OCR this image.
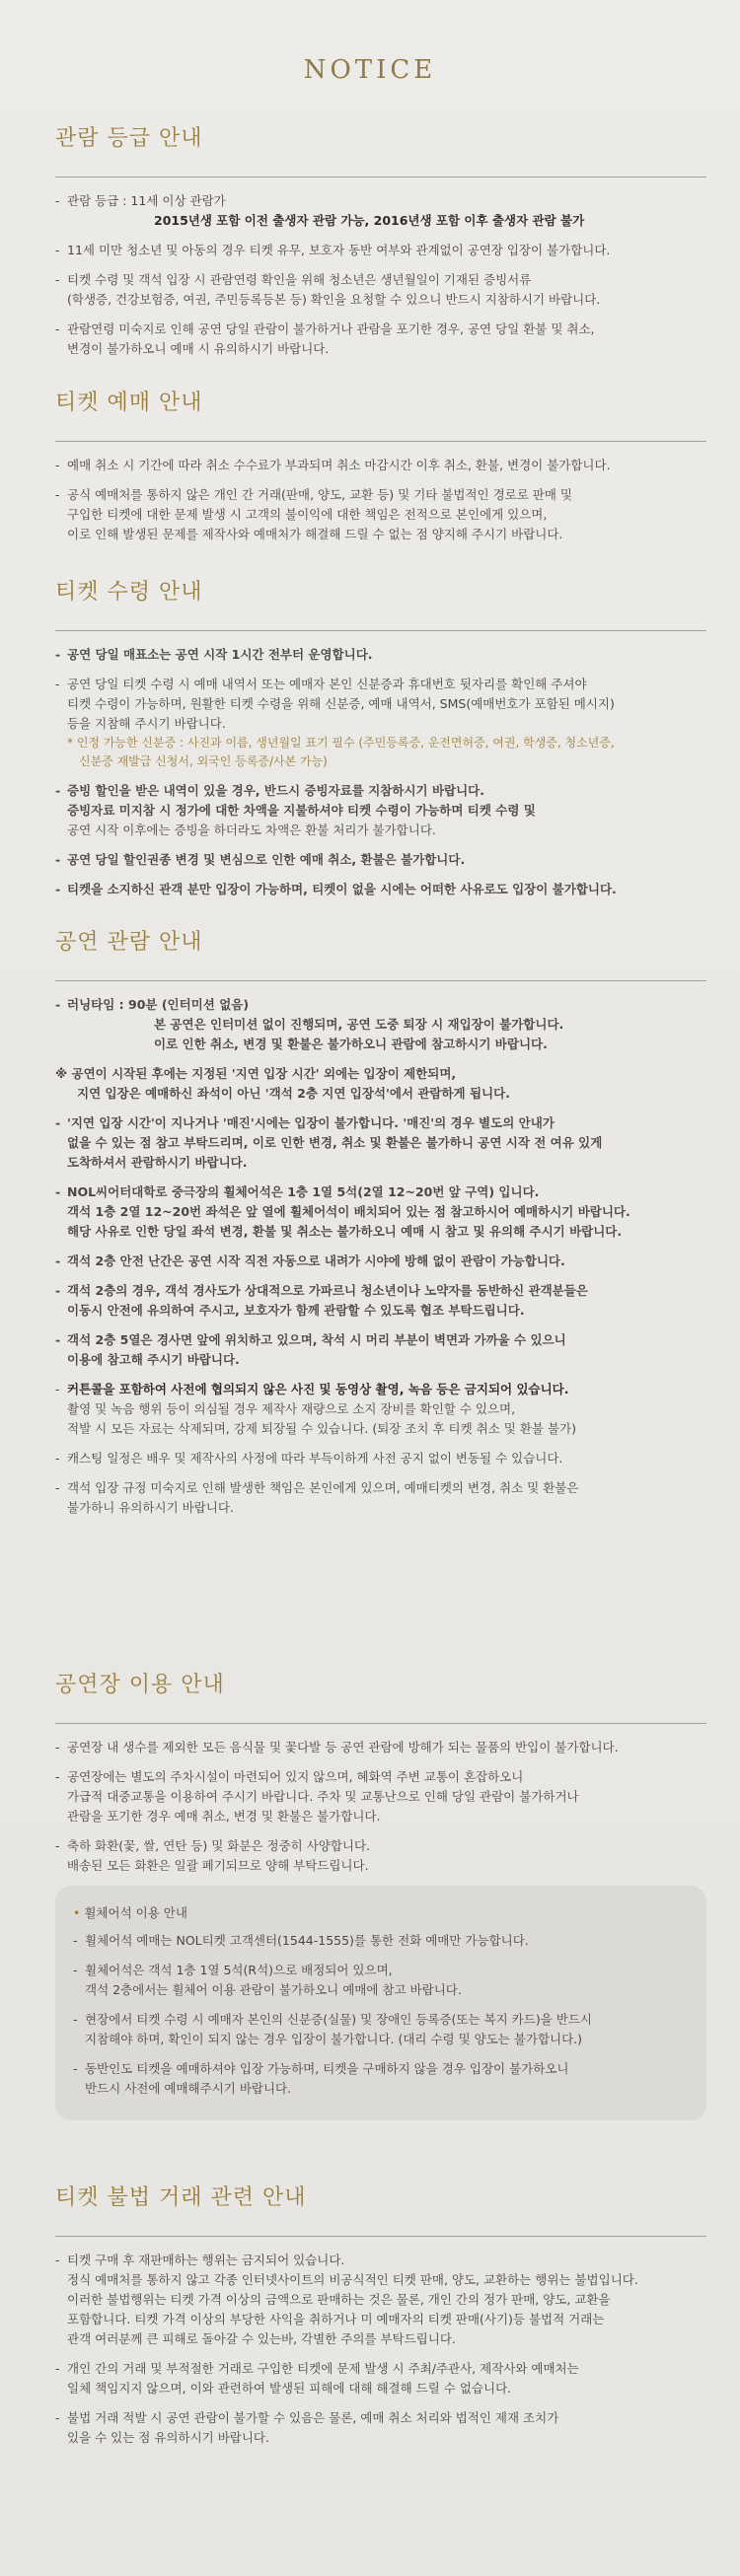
NOTICE
관람 등급 안내
- 관람 등급 : 11세 이상 관람가
2015년생 포함 이전 출생자 관람 가능, 2016년생 포함 이후 출생자 관람 불가
- 11세 미만 청소년 및 아동의 경우 티켓 유무, 보호자 동반 여부와 관계없이 공연장 입장이 불가합니다.
- 티켓 수령 및 객석 입장 시 관람연령 확인을 위해 청소년은 생년월일이 기재된 증빙서류
(학생증, 건강보험증, 여권, 주민등록등본 등) 확인을 요청할 수 있으니 반드시 지참하시기 바랍니다.
- 관람연령 미숙지로 인해 공연 당일 관람이 불가하거나 관람을 포기한 경우, 공연 당일 환불 및 취소,
변경이 불가하오니 예매 시 유의하시기 바랍니다.
티켓 예매 안내
- 예매 취소 시 기간에 따라 취소 수수료가 부과되며 취소 마감시간 이후 취소, 환불, 변경이 불가합니다.
- 공식 예매처를 통하지 않은 개인 간 거래(판매, 양도, 교환 등) 및 기타 불법적인 경로로 판매 및
구입한 티켓에 대한 문제 발생 시 고객의 불이익에 대한 책임은 전적으로 본인에게 있으며,
이로 인해 발생된 문제를 제작사와 예매처가 해결해 드릴 수 없는 점 양지해 주시기 바랍니다.
티켓 수령 안내
- 공연 당일 매표소는 공연 시작 1시간 전부터 운영합니다.
- 공연 당일 티켓 수령 시 예매 내역서 또는 예매자 본인 신분증과 휴대번호 뒷자리를 확인해 주셔야
티켓 수령이 가능하며, 원활한 티켓 수령을 위해 신분증, 예매 내역서, SMS(예매번호가 포함된 메시지)
등을 지참해 주시기 바랍니다.
* 인정 가능한 신분증 : 사진과 이름, 생년월일 표기 필수 (주민등록증, 운전면허증, 여권, 학생증, 청소년증,
신분증 재발급 신청서, 외국인 등록증/사본 가능)
- 증빙 할인을 받은 내역이 있을 경우, 반드시 증빙자료를 지참하시기 바랍니다.
증빙자료 미지참 시 정가에 대한 차액을 지불하셔야 티켓 수령이 가능하며 티켓 수령 및
공연 시작 이후에는 증빙을 하더라도 차액은 환불 처리가 불가합니다.
- 공연 당일 할인권종 변경 및 변심으로 인한 예매 취소, 환불은 불가합니다.
- 티켓을 소지하신 관객 분만 입장이 가능하며, 티켓이 없을 시에는 어떠한 사유로도 입장이 불가합니다.
공연 관람 안내
- 러닝타임 : 90분 (인터미션 없음)
본 공연은 인터미션 없이 진행되며, 공연 도중 퇴장 시 재입장이 불가합니다.
이로 인한 취소, 변경 및 환불은 불가하오니 관람에 참고하시기 바랍니다.
※ 공연이 시작된 후에는 지정된 '지연 입장 시간' 외에는 입장이 제한되며,
지연 입장은 예매하신 좌석이 아닌 '객석 2층 지연 입장석'에서 관람하게 됩니다.
- '지연 입장 시간'이 지나거나 '매진'시에는 입장이 불가합니다. '매진'의 경우 별도의 안내가
없을 수 있는 점 참고 부탁드리며, 이로 인한 변경, 취소 및 환불은 불가하니 공연 시작 전 여유 있게
도착하셔서 관람하시기 바랍니다.
- NOL씨어터대학로 중극장의 휠체어석은 1층 1열 5석(2열 12~20번 앞 구역) 입니다.
객석 1층 2열 12~20번 좌석은 앞 열에 휠체어석이 배치되어 있는 점 참고하시어 예매하시기 바랍니다.
해당 사유로 인한 당일 좌석 변경, 환불 및 취소는 불가하오니 예매 시 참고 및 유의해 주시기 바랍니다.
- 객석 2층 안전 난간은 공연 시작 직전 자동으로 내려가 시야에 방해 없이 관람이 가능합니다.
- 객석 2층의 경우, 객석 경사도가 상대적으로 가파르니 청소년이나 노약자를 동반하신 관객분들은
이동시 안전에 유의하여 주시고, 보호자가 함께 관람할 수 있도록 협조 부탁드립니다.
- 객석 2층 5열은 경사면 앞에 위치하고 있으며, 착석 시 머리 부분이 벽면과 가까울 수 있으니
이용에 참고해 주시기 바랍니다.
- 커튼콜을 포함하여 사전에 협의되지 않은 사진 및 동영상 촬영, 녹음 등은 금지되어 있습니다.
촬영 및 녹음 행위 등이 의심될 경우 제작사 재량으로 소지 장비를 확인할 수 있으며,
적발 시 모든 자료는 삭제되며, 강제 퇴장될 수 있습니다. (퇴장 조치 후 티켓 취소 및 환불 불가)
- 캐스팅 일정은 배우 및 제작사의 사정에 따라 부득이하게 사전 공지 없이 변동될 수 있습니다.
- 객석 입장 규정 미숙지로 인해 발생한 책임은 본인에게 있으며, 예매티켓의 변경, 취소 및 환불은
불가하니 유의하시기 바랍니다.
공연장 이용 안내
- 공연장 내 생수를 제외한 모든 음식물 및 꽃다발 등 공연 관람에 방해가 되는 물품의 반입이 불가합니다.
- 공연장에는 별도의 주차시설이 마련되어 있지 않으며, 혜화역 주변 교통이 혼잡하오니
가급적 대중교통을 이용하여 주시기 바랍니다. 주차 및 교통난으로 인해 당일 관람이 불가하거나
관람을 포기한 경우 예매 취소, 변경 및 환불은 불가합니다.
- 축하 화환(꽃, 쌀, 연탄 등) 및 화분은 정중히 사양합니다.
배송된 모든 화환은 일괄 폐기되므로 양해 부탁드립니다.
• 휠체어석 이용 안내
- 휠체어석 예매는 NOL티켓 고객센터(1544-1555)를 통한 전화 예매만 가능합니다.
- 휠체어석은 객석 1층 1열 5석(R석)으로 배정되어 있으며,
객석 2층에서는 휠체어 이용 관람이 불가하오니 예매에 참고 바랍니다.
- 현장에서 티켓 수령 시 예매자 본인의 신분증(실물) 및 장애인 등록증(또는 복지 카드)을 반드시
지참해야 하며, 확인이 되지 않는 경우 입장이 불가합니다. (대리 수령 및 양도는 불가합니다.)
- 동반인도 티켓을 예매하셔야 입장 가능하며, 티켓을 구매하지 않을 경우 입장이 불가하오니
반드시 사전에 예매해주시기 바랍니다.
티켓 불법 거래 관련 안내
- 티켓 구매 후 재판매하는 행위는 금지되어 있습니다.
정식 예매처를 통하지 않고 각종 인터넷사이트의 비공식적인 티켓 판매, 양도, 교환하는 행위는 불법입니다.
이러한 불법행위는 티켓 가격 이상의 금액으로 판매하는 것은 물론, 개인 간의 정가 판매, 양도, 교환을
포함합니다. 티켓 가격 이상의 부당한 사익을 취하거나 미 예매자의 티켓 판매(사기)등 불법적 거래는
관객 여러분께 큰 피해로 돌아갈 수 있는바, 각별한 주의를 부탁드립니다.
- 개인 간의 거래 및 부적절한 거래로 구입한 티켓에 문제 발생 시 주최/주관사, 제작사와 예매처는
일체 책임지지 않으며, 이와 관련하여 발생된 피해에 대해 해결해 드릴 수 없습니다.
- 불법 거래 적발 시 공연 관람이 불가할 수 있음은 물론, 예매 취소 처리와 법적인 제재 조치가
있을 수 있는 점 유의하시기 바랍니다.
